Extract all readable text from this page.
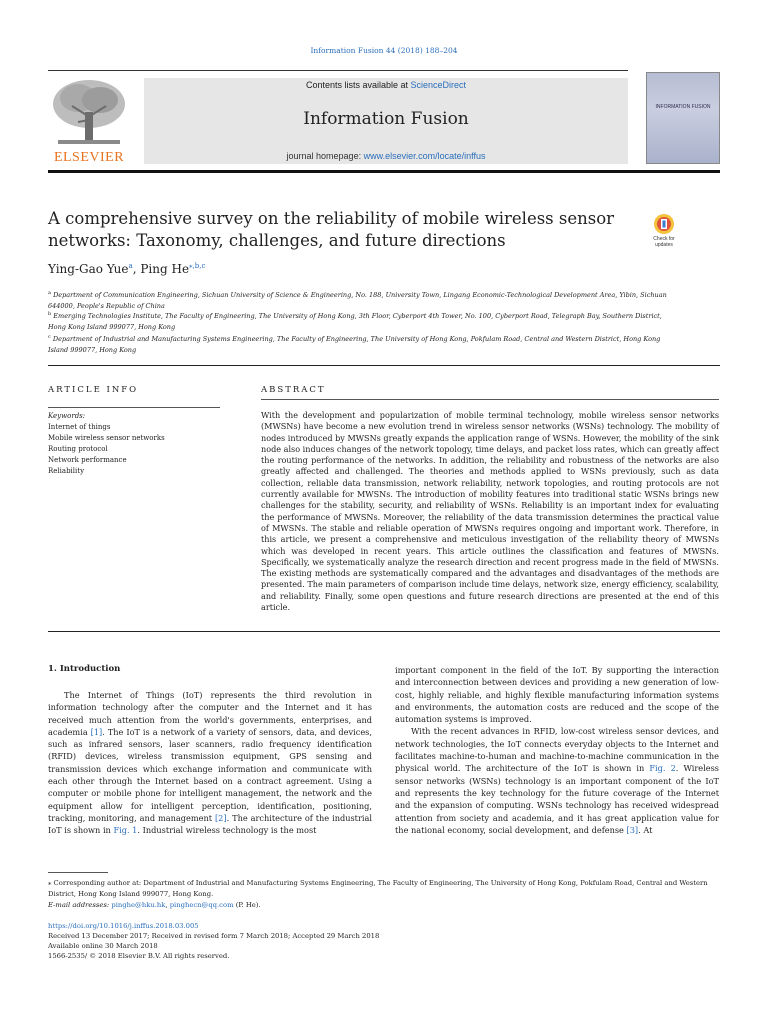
Information Fusion 44 (2018) 188–204
ELSEVIER
Contents lists available at ScienceDirect
Information Fusion
journal homepage: www.elsevier.com/locate/inffus
INFORMATION FUSION
A comprehensive survey on the reliability of mobile wireless sensor
networks: Taxonomy, challenges, and future directions	Check for updates
Ying-Gao Yue$^a$, Ping $He^{⁎,b,c}$
$^a$ Department of Communication Engineering, Sichuan University of Science & Engineering, No. 188, University Town, Lingang Economic-Technological Development Area, Yibin, Sichuan 644000, People's Republic of China
$^b$ Emerging Technologies Institute, The Faculty of Engineering, The University of Hong Kong, 3th Floor, Cyberport 4th Tower, No. 100, Cyberport Road, Telegraph Bay, Southern District, Hong Kong Island 999077, Hong Kong
$^c$ Department of Industrial and Manufacturing Systems Engineering, The Faculty of Engineering, The University of Hong Kong, Pokfulam Road, Central and Western District, Hong Kong Island 999077, Hong Kong
ARTICLE INFO
Keywords:
Internet of things
Mobile wireless sensor networks
Routing protocol
Network performance
Reliability
ABSTRACT
With the development and popularization of mobile terminal technology, mobile wireless sensor networks (MWSNs) have become a new evolution trend in wireless sensor networks (WSNs) technology. The mobility of nodes introduced by MWSNs greatly expands the application range of WSNs. However, the mobility of the sink node also induces changes of the network topology, time delays, and packet loss rates, which can greatly affect the routing performance of the networks. In addition, the reliability and robustness of the networks are also greatly affected and challenged. The theories and methods applied to WSNs previously, such as data collection, reliable data transmission, network reliability, network topologies, and routing protocols are not currently available for MWSNs. The introduction of mobility features into traditional static WSNs brings new challenges for the stability, security, and reliability of WSNs. Reliability is an important index for evaluating the performance of MWSNs. Moreover, the reliability of the data transmission determines the practical value of MWSNs. The stable and reliable operation of MWSNs requires ongoing and important work. Therefore, in this article, we present a comprehensive and meticulous investigation of the reliability theory of MWSNs which was developed in recent years. This article outlines the classification and features of MWSNs. Specifically, we systematically analyze the research direction and recent progress made in the field of MWSNs. The existing methods are systematically compared and the advantages and disadvantages of the methods are presented. The main parameters of comparison include time delays, network size, energy efficiency, scalability, and reliability. Finally, some open questions and future research directions are presented at the end of this article.
1. Introduction

The Internet of Things (IoT) represents the third revolution in information technology after the computer and the Internet and it has received much attention from the world's governments, enterprises, and academia [1]. The IoT is a network of a variety of sensors, data, and devices, such as infrared sensors, laser scanners, radio frequency identification (RFID) devices, wireless transmission equipment, GPS sensing and transmission devices which exchange information and communicate with each other through the Internet based on a contract agreement. Using a computer or mobile phone for intelligent management, the network and the equipment allow for intelligent perception, identification, positioning, tracking, monitoring, and management [2]. The architecture of the industrial IoT is shown in Fig. 1. Industrial wireless technology is the most

important component in the field of the IoT. By supporting the interaction and interconnection between devices and providing a new generation of low-cost, highly reliable, and highly flexible manufacturing information systems and environments, the automation costs are reduced and the scope of the automation systems is improved.

With the recent advances in RFID, low-cost wireless sensor devices, and network technologies, the IoT connects everyday objects to the Internet and facilitates machine-to-human and machine-to-machine communication in the physical world. The architecture of the IoT is shown in Fig. 2. Wireless sensor networks (WSNs) technology is an important component of the IoT and represents the key technology for the future coverage of the Internet and the expansion of computing. WSNs technology has received widespread attention from society and academia, and it has great application value for the national economy, social development, and defense [3]. At

⁎ Corresponding author at: Department of Industrial and Manufacturing Systems Engineering, The Faculty of Engineering, The University of Hong Kong, Pokfulam Road, Central and Western District, Hong Kong Island 999077, Hong Kong.
E-mail addresses: pinghe@hku.hk, pinghecn@qq.com (P. He).
https://doi.org/10.1016/j.inffus.2018.03.005
Received 13 December 2017; Received in revised form 7 March 2018; Accepted 29 March 2018
Available online 30 March 2018
1566-2535/ © 2018 Elsevier B.V. All rights reserved.
